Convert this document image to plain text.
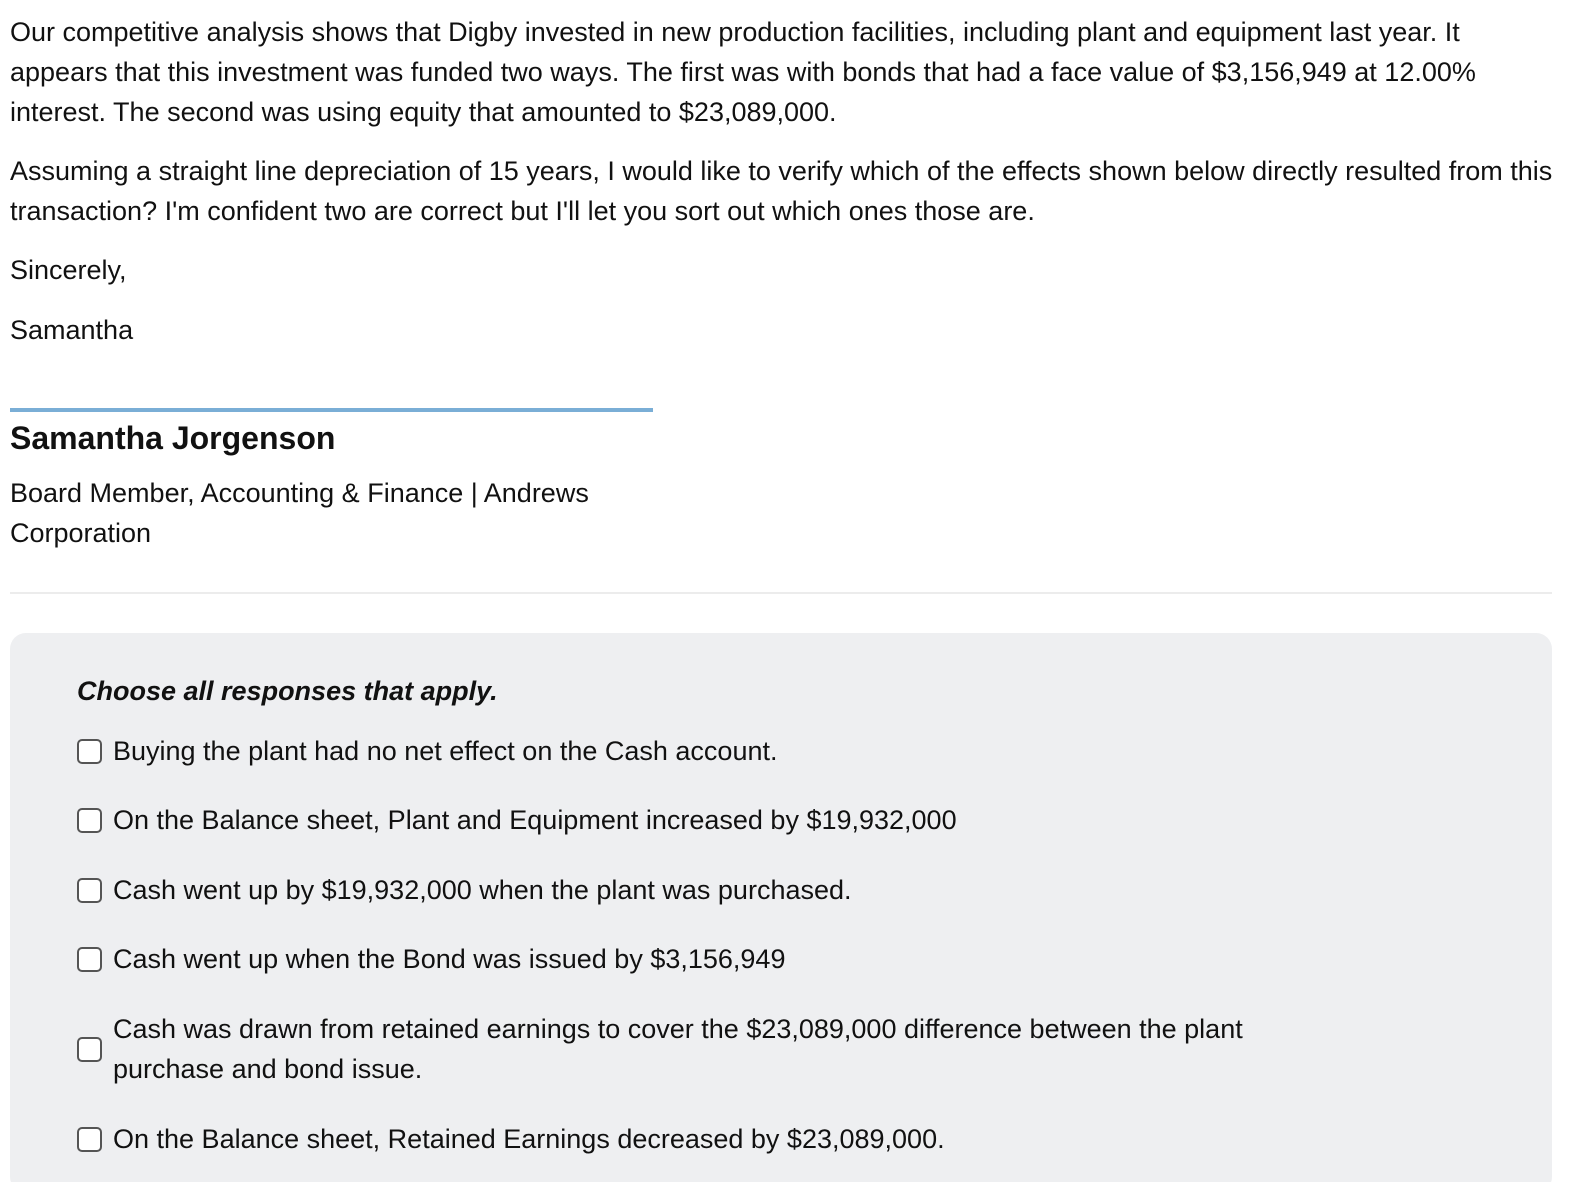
Our competitive analysis shows that Digby invested in new production facilities, including plant and equipment last year. It appears that this investment was funded two ways. The first was with bonds that had a face value of $3,156,949 at 12.00% interest. The second was using equity that amounted to $23,089,000.

Assuming a straight line depreciation of 15 years, I would like to verify which of the effects shown below directly resulted from this transaction? I'm confident two are correct but I'll let you sort out which ones those are.

Sincerely,

Samantha

Samantha Jorgenson
Board Member, Accounting & Finance | Andrews Corporation
Choose all responses that apply.
Buying the plant had no net effect on the Cash account.
On the Balance sheet, Plant and Equipment increased by $19,932,000
Cash went up by $19,932,000 when the plant was purchased.
Cash went up when the Bond was issued by $3,156,949
Cash was drawn from retained earnings to cover the $23,089,000 difference between the plant purchase and bond issue.
On the Balance sheet, Retained Earnings decreased by $23,089,000.
